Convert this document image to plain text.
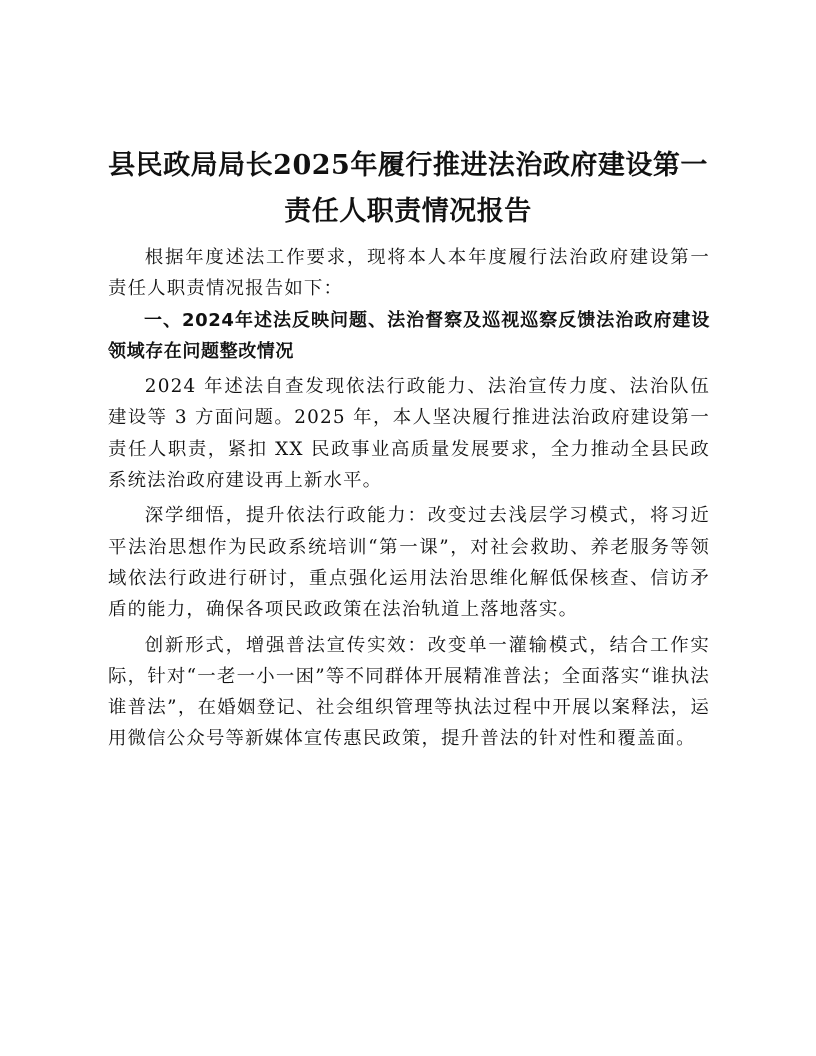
县民政局局长2025年履行推进法治政府建设第一责任人职责情况报告

根据年度述法工作要求，现将本人本年度履行法治政府建设第一责任人职责情况报告如下：

一、2024年述法反映问题、法治督察及巡视巡察反馈法治政府建设领域存在问题整改情况

2024 年述法自查发现依法行政能力、法治宣传力度、法治队伍建设等 3 方面问题。2025 年，本人坚决履行推进法治政府建设第一责任人职责，紧扣 XX 民政事业高质量发展要求，全力推动全县民政系统法治政府建设再上新水平。

深学细悟，提升依法行政能力：改变过去浅层学习模式，将习近平法治思想作为民政系统培训“第一课”，对社会救助、养老服务等领域依法行政进行研讨，重点强化运用法治思维化解低保核查、信访矛盾的能力，确保各项民政政策在法治轨道上落地落实。

创新形式，增强普法宣传实效：改变单一灌输模式，结合工作实际，针对“一老一小一困”等不同群体开展精准普法；全面落实“谁执法谁普法”，在婚姻登记、社会组织管理等执法过程中开展以案释法，运用微信公众号等新媒体宣传惠民政策，提升普法的针对性和覆盖面。
